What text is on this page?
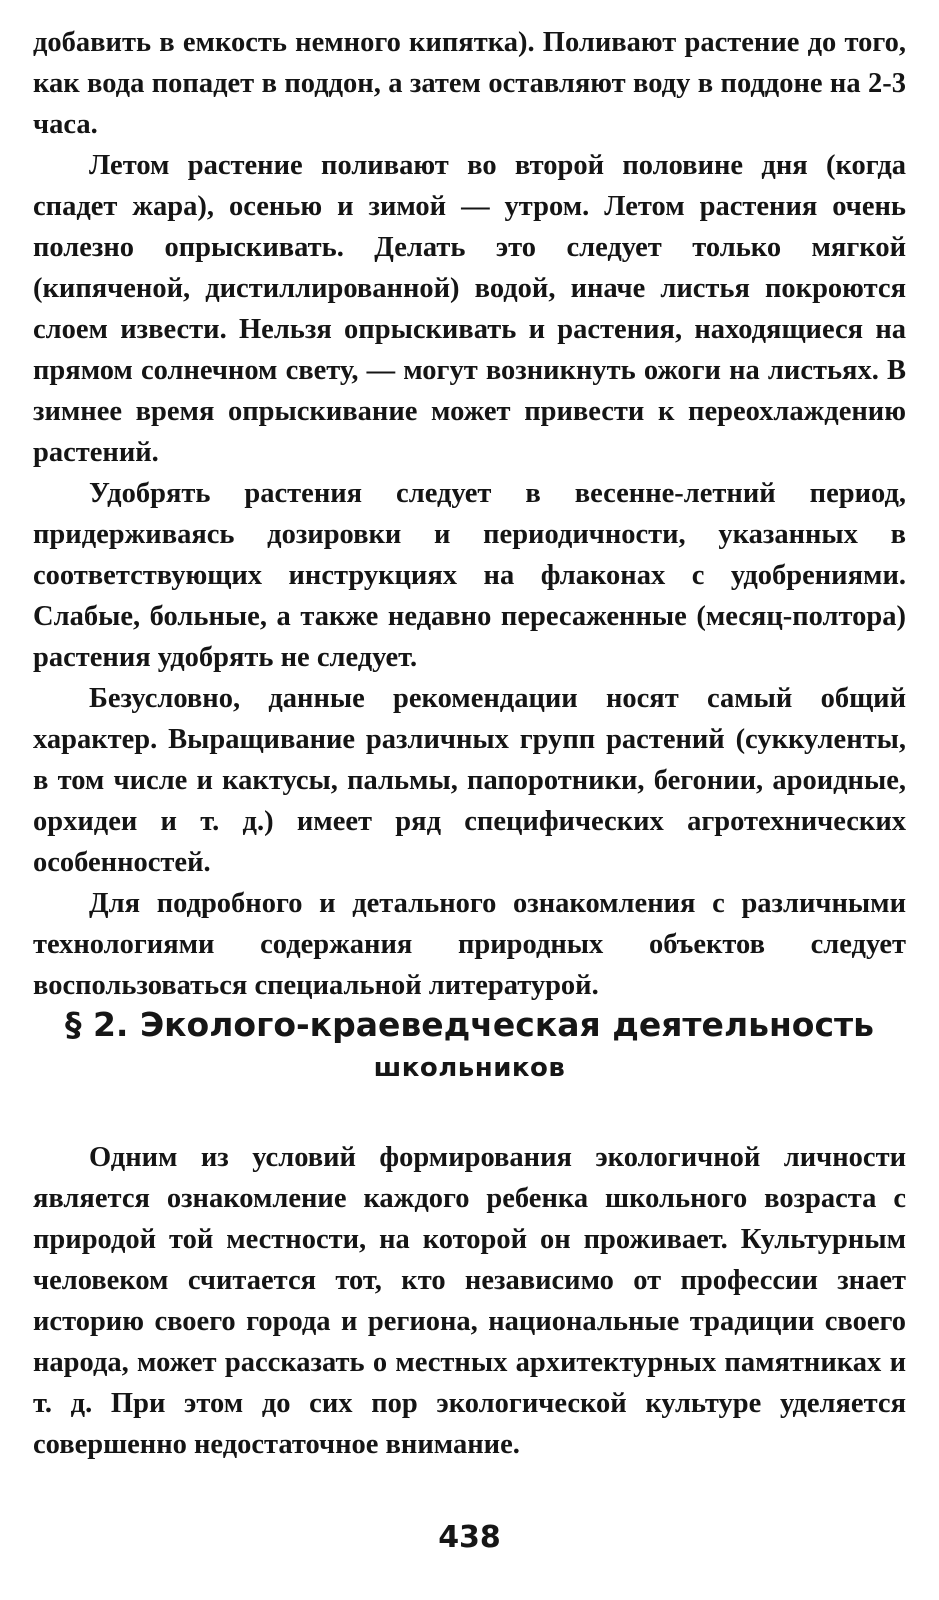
добавить в емкость немного кипятка). Поливают растение до того, как вода попадет в поддон, а затем оставляют воду в поддоне на 2-3 часа.

Летом растение поливают во второй половине дня (когда спадет жара), осенью и зимой — утром. Летом растения очень полезно опрыскивать. Делать это следует только мягкой (кипяченой, дистиллированной) водой, иначе листья покроются слоем извести. Нельзя опрыскивать и растения, находящиеся на прямом солнечном свету, — могут возникнуть ожоги на листьях. В зимнее время опрыскивание может привести к переохлаждению растений.

Удобрять растения следует в весенне-летний период, придерживаясь дозировки и периодичности, указанных в соответствующих инструкциях на флаконах с удобрениями. Слабые, больные, а также недавно пересаженные (месяц-полтора) растения удобрять не следует.

Безусловно, данные рекомендации носят самый общий характер. Выращивание различных групп растений (суккуленты, в том числе и кактусы, пальмы, папоротники, бегонии, ароидные, орхидеи и т. д.) имеет ряд специфических агротехнических особенностей.

Для подробного и детального ознакомления с различными технологиями содержания природных объектов следует воспользоваться специальной литературой.

§ 2. Эколого-краеведческая деятельность
школьников

Одним из условий формирования экологичной личности является ознакомление каждого ребенка школьного возраста с природой той местности, на которой он проживает. Культурным человеком считается тот, кто независимо от профессии знает историю своего города и региона, национальные традиции своего народа, может рассказать о местных архитектурных памятниках и т. д. При этом до сих пор экологической культуре уделяется совершенно недостаточное внимание.

438
